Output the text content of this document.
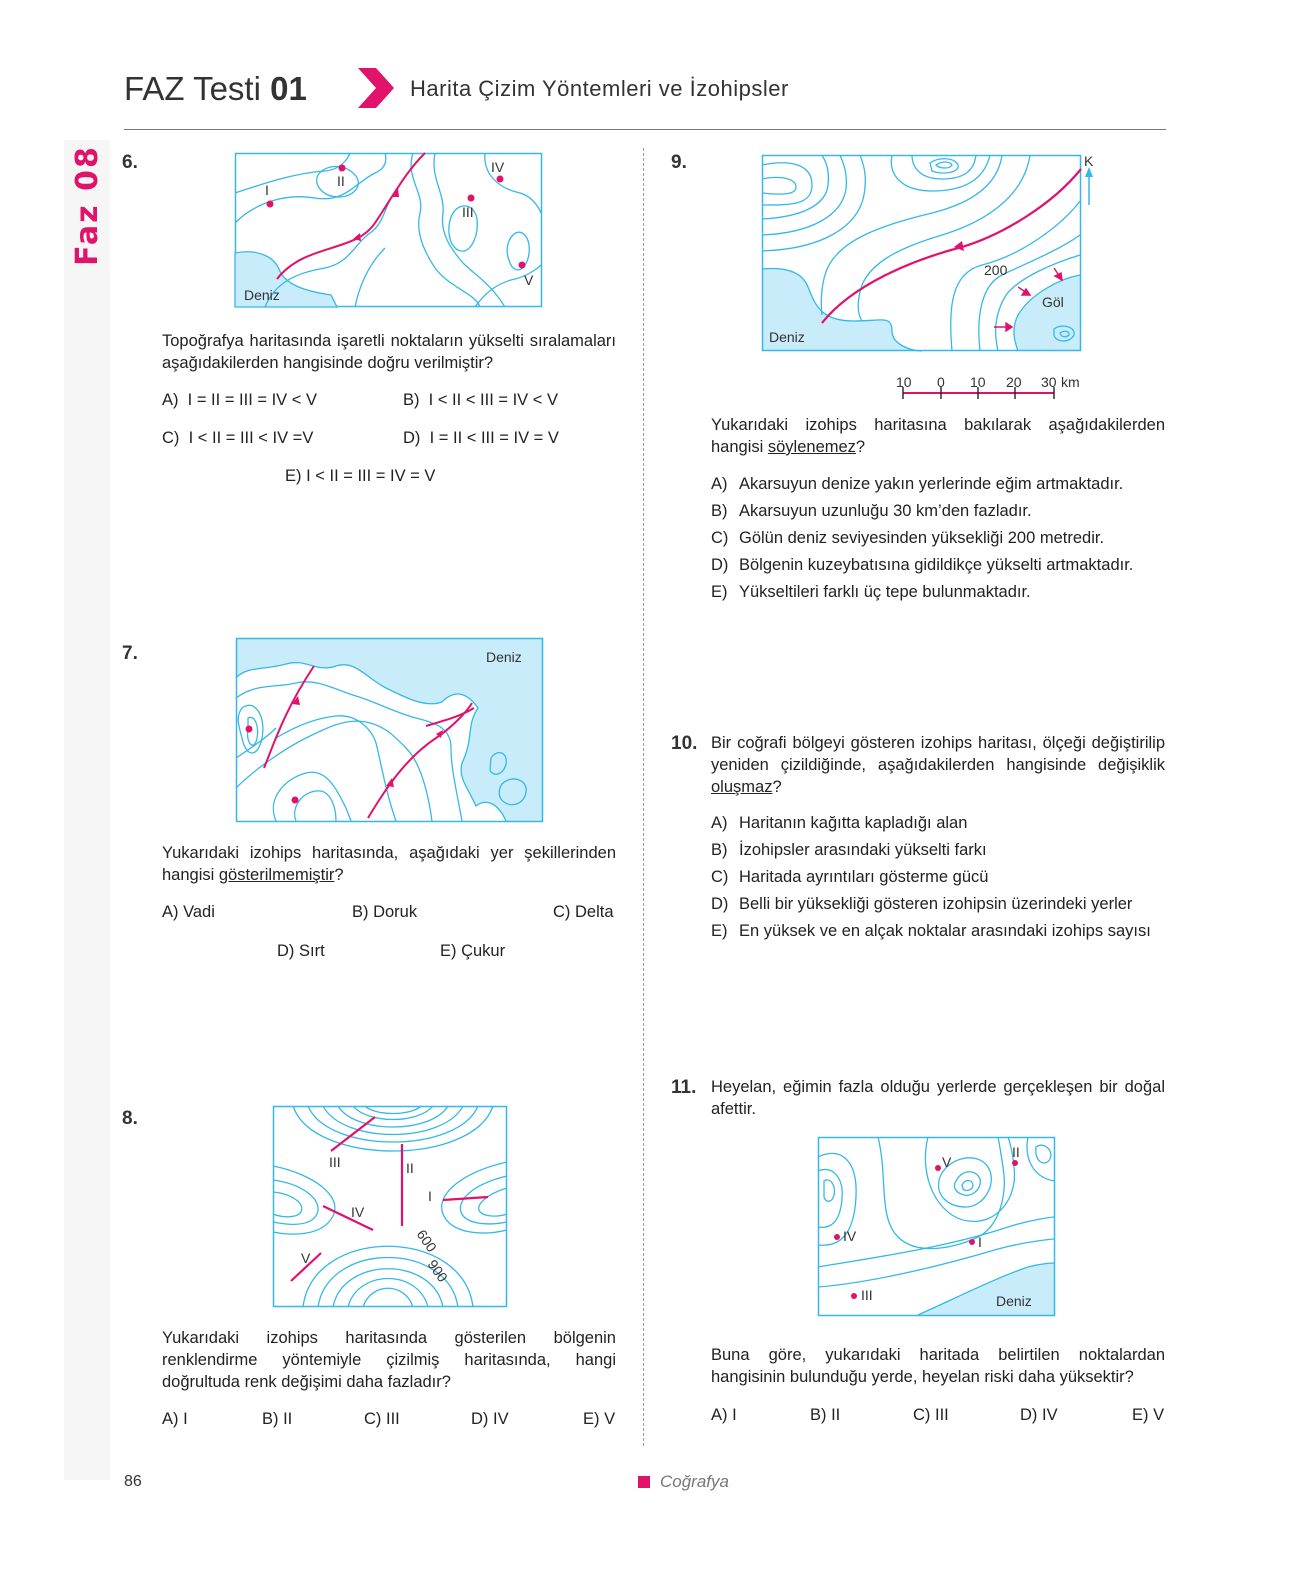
Faz 08
FAZ Testi 01	Harita Çizim Yöntemleri ve İzohipsler
6.
I
II
III
IV
V
Deniz
Topoğrafya haritasında işaretli noktaların yükselti sıralamaları aşağıdakilerden hangisinde doğru verilmiştir?
A) I = II = III = IV < V	B) I < II < III = IV < V
C) I < II = III < IV =V	D) I = II < III = IV = V
E) I < II = III = IV = V
7.	Deniz
Yukarıdaki izohips haritasında, aşağıdaki yer şekillerinden hangisi gösterilmemiştir?
A) Vadi	B) Doruk	C) Delta
D) Sırt	E) Çukur
8.
III	II
I
IV
V
600
900
Yukarıdaki izohips haritasında gösterilen bölgenin renklendirme yöntemiyle çizilmiş haritasında, hangi doğrultuda renk değişimi daha fazladır?
A) I	B) II	C) III	D) IV	E) V
9.	K
200
Göl
Deniz
10 0 10 20 30 km
Yukarıdaki izohips haritasına bakılarak aşağıdakilerden hangisi söylenemez?
A) Akarsuyun denize yakın yerlerinde eğim artmaktadır.
B) Akarsuyun uzunluğu 30 km’den fazladır.
C) Gölün deniz seviyesinden yüksekliği 200 metredir.
D) Bölgenin kuzeybatısına gidildikçe yükselti artmaktadır.
E) Yükseltileri farklı üç tepe bulunmaktadır.
10. Bir coğrafi bölgeyi gösteren izohips haritası, ölçeği değiştirilip yeniden çizildiğinde, aşağıdakilerden hangisinde değişiklik oluşmaz?
A) Haritanın kağıtta kapladığı alan
B) İzohipsler arasındaki yükselti farkı
C) Haritada ayrıntıları gösterme gücü
D) Belli bir yüksekliği gösteren izohipsin üzerindeki yerler
E) En yüksek ve en alçak noktalar arasındaki izohips sayısı
11. Heyelan, eğimin fazla olduğu yerlerde gerçekleşen bir doğal afettir.
I
II
III
IV
V
Deniz
Buna göre, yukarıdaki haritada belirtilen noktalardan hangisinin bulunduğu yerde, heyelan riski daha yüksektir?
A) I	B) II	C) III	D) IV	E) V
86	Coğrafya
